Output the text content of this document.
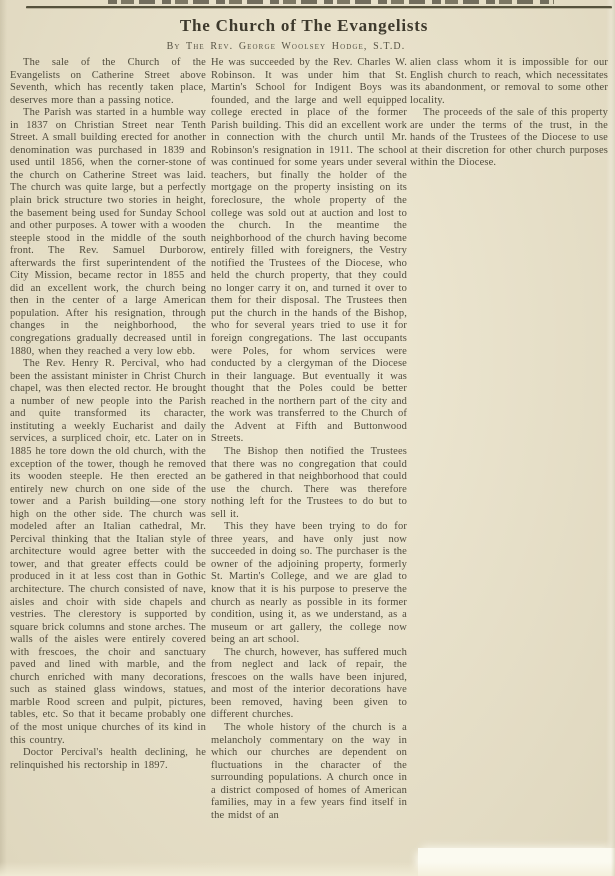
The Church of The Evangelists
By The Rev. George Woolsey Hodge, S.T.D.

The sale of the Church of the Evangelists on Catherine Street above Seventh, which has recently taken place, deserves more than a passing notice.

The Parish was started in a humble way in 1837 on Christian Street near Tenth Street. A small building erected for another denomination was purchased in 1839 and used until 1856, when the corner-stone of the church on Catherine Street was laid. The church was quite large, but a perfectly plain brick structure two stories in height, the basement being used for Sunday School and other purposes. A tower with a wooden steeple stood in the middle of the south front. The Rev. Samuel Durborow, afterwards the first superintendent of the City Mission, became rector in 1855 and did an excellent work, the church being then in the center of a large American population. After his resignation, through changes in the neighborhood, the congregations gradually decreased until in 1880, when they reached a very low ebb.

The Rev. Henry R. Percival, who had been the assistant minister in Christ Church chapel, was then elected rector. He brought a number of new people into the Parish and quite transformed its character, instituting a weekly Eucharist and daily services, a surpliced choir, etc. Later on in 1885 he tore down the old church, with the exception of the tower, though he removed its wooden steeple. He then erected an entirely new church on one side of the tower and a Parish building—one story high on the other side. The church was modeled after an Italian cathedral, Mr. Percival thinking that the Italian style of architecture would agree better with the tower, and that greater effects could be produced in it at less cost than in Gothic architecture. The church consisted of nave, aisles and choir with side chapels and vestries. The clerestory is supported by square brick columns and stone arches. The walls of the aisles were entirely covered with frescoes, the choir and sanctuary paved and lined with marble, and the church enriched with many decorations, such as stained glass windows, statues, marble Rood screen and pulpit, pictures, tables, etc. So that it became probably one of the most unique churches of its kind in this country.

Doctor Percival's health declining, he relinquished his rectorship in 1897.

He was succeeded by the Rev. Charles W. Robinson. It was under him that St. Martin's School for Indigent Boys was founded, and the large and well equipped college erected in place of the former Parish building. This did an excellent work in connection with the church until Mr. Robinson's resignation in 1911. The school was continued for some years under several teachers, but finally the holder of the mortgage on the property insisting on its foreclosure, the whole property of the college was sold out at auction and lost to the church. In the meantime the neighborhood of the church having become entirely filled with foreigners, the Vestry notified the Trustees of the Diocese, who held the church property, that they could no longer carry it on, and turned it over to them for their disposal. The Trustees then put the church in the hands of the Bishop, who for several years tried to use it for foreign congregations. The last occupants were Poles, for whom services were conducted by a clergyman of the Diocese in their language. But eventually it was thought that the Poles could be better reached in the northern part of the city and the work was transferred to the Church of the Advent at Fifth and Buttonwood Streets.

The Bishop then notified the Trustees that there was no congregation that could be gathered in that neighborhood that could use the church. There was therefore nothing left for the Trustees to do but to sell it.

This they have been trying to do for three years, and have only just now succeeded in doing so. The purchaser is the owner of the adjoining property, formerly St. Martin's College, and we are glad to know that it is his purpose to preserve the church as nearly as possible in its former condition, using it, as we understand, as a museum or art gallery, the college now being an art school.

The church, however, has suffered much from neglect and lack of repair, the frescoes on the walls have been injured, and most of the interior decorations have been removed, having been given to different churches.

The whole history of the church is a melancholy commentary on the way in which our churches are dependent on fluctuations in the character of the surrounding populations. A church once in a district composed of homes of American families, may in a few years find itself in the midst of an

alien class whom it is impossible for our English church to reach, which necessitates its abandonment, or removal to some other locality.

The proceeds of the sale of this property are under the terms of the trust, in the hands of the Trustees of the Diocese to use at their discretion for other church purposes within the Diocese.
